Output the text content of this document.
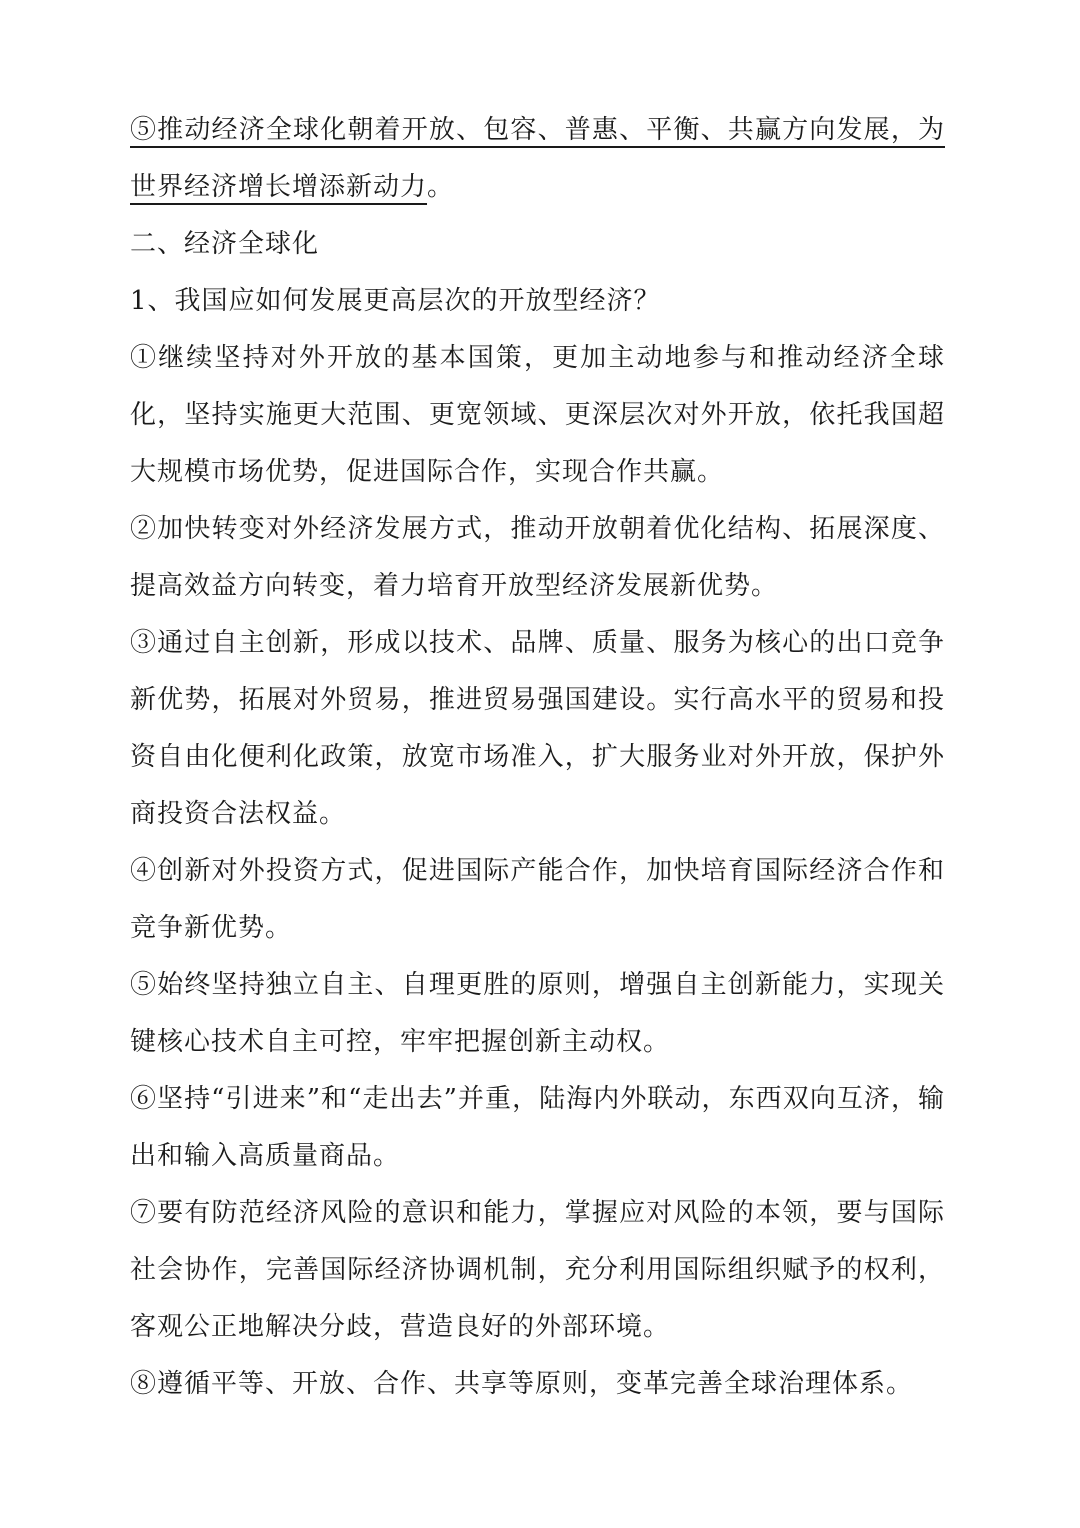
⑤推动经济全球化朝着开放、包容、普惠、平衡、共赢方向发展，为世界经济增长增添新动力。

二、经济全球化

1、我国应如何发展更高层次的开放型经济？

①继续坚持对外开放的基本国策，更加主动地参与和推动经济全球化，坚持实施更大范围、更宽领域、更深层次对外开放，依托我国超大规模市场优势，促进国际合作，实现合作共赢。

②加快转变对外经济发展方式，推动开放朝着优化结构、拓展深度、提高效益方向转变，着力培育开放型经济发展新优势。

③通过自主创新，形成以技术、品牌、质量、服务为核心的出口竞争新优势，拓展对外贸易，推进贸易强国建设。实行高水平的贸易和投资自由化便利化政策，放宽市场准入，扩大服务业对外开放，保护外商投资合法权益。

④创新对外投资方式，促进国际产能合作，加快培育国际经济合作和竞争新优势。

⑤始终坚持独立自主、自理更胜的原则，增强自主创新能力，实现关键核心技术自主可控，牢牢把握创新主动权。

⑥坚持“引进来”和“走出去”并重，陆海内外联动，东西双向互济，输出和输入高质量商品。

⑦要有防范经济风险的意识和能力，掌握应对风险的本领，要与国际社会协作，完善国际经济协调机制，充分利用国际组织赋予的权利，客观公正地解决分歧，营造良好的外部环境。

⑧遵循平等、开放、合作、共享等原则，变革完善全球治理体系。
